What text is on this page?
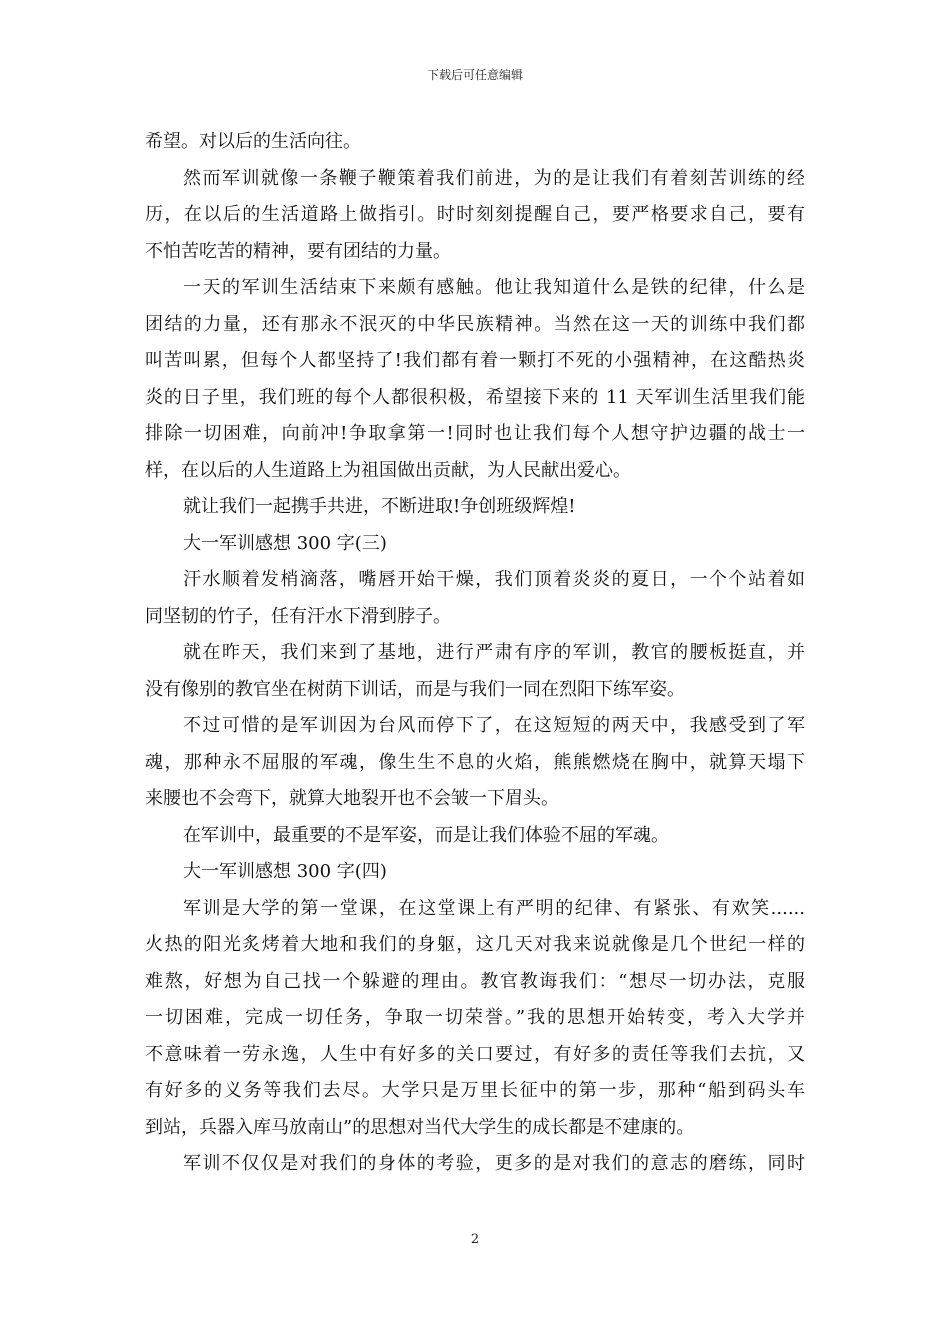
下载后可任意编辑
希望。对以后的生活向往。
然而军训就像一条鞭子鞭策着我们前进，为的是让我们有着刻苦训练的经
历，在以后的生活道路上做指引。时时刻刻提醒自己，要严格要求自己，要有
不怕苦吃苦的精神，要有团结的力量。
一天的军训生活结束下来颇有感触。他让我知道什么是铁的纪律，什么是
团结的力量，还有那永不泯灭的中华民族精神。当然在这一天的训练中我们都
叫苦叫累，但每个人都坚持了!我们都有着一颗打不死的小强精神，在这酷热炎
炎的日子里，我们班的每个人都很积极，希望接下来的 11 天军训生活里我们能
排除一切困难，向前冲!争取拿第一!同时也让我们每个人想守护边疆的战士一
样，在以后的人生道路上为祖国做出贡献，为人民献出爱心。
就让我们一起携手共进，不断进取!争创班级辉煌!
大一军训感想 300 字(三)
汗水顺着发梢滴落，嘴唇开始干燥，我们顶着炎炎的夏日，一个个站着如
同坚韧的竹子，任有汗水下滑到脖子。
就在昨天，我们来到了基地，进行严肃有序的军训，教官的腰板挺直，并
没有像别的教官坐在树荫下训话，而是与我们一同在烈阳下练军姿。
不过可惜的是军训因为台风而停下了，在这短短的两天中，我感受到了军
魂，那种永不屈服的军魂，像生生不息的火焰，熊熊燃烧在胸中，就算天塌下
来腰也不会弯下，就算大地裂开也不会皱一下眉头。
在军训中，最重要的不是军姿，而是让我们体验不屈的军魂。
大一军训感想 300 字(四)
军训是大学的第一堂课，在这堂课上有严明的纪律、有紧张、有欢笑......
火热的阳光炙烤着大地和我们的身躯，这几天对我来说就像是几个世纪一样的
难熬，好想为自己找一个躲避的理由。教官教诲我们：“想尽一切办法，克服
一切困难，完成一切任务，争取一切荣誉。”我的思想开始转变，考入大学并
不意味着一劳永逸，人生中有好多的关口要过，有好多的责任等我们去抗，又
有好多的义务等我们去尽。大学只是万里长征中的第一步，那种“船到码头车
到站，兵器入库马放南山”的思想对当代大学生的成长都是不建康的。
军训不仅仅是对我们的身体的考验，更多的是对我们的意志的磨练，同时
2
